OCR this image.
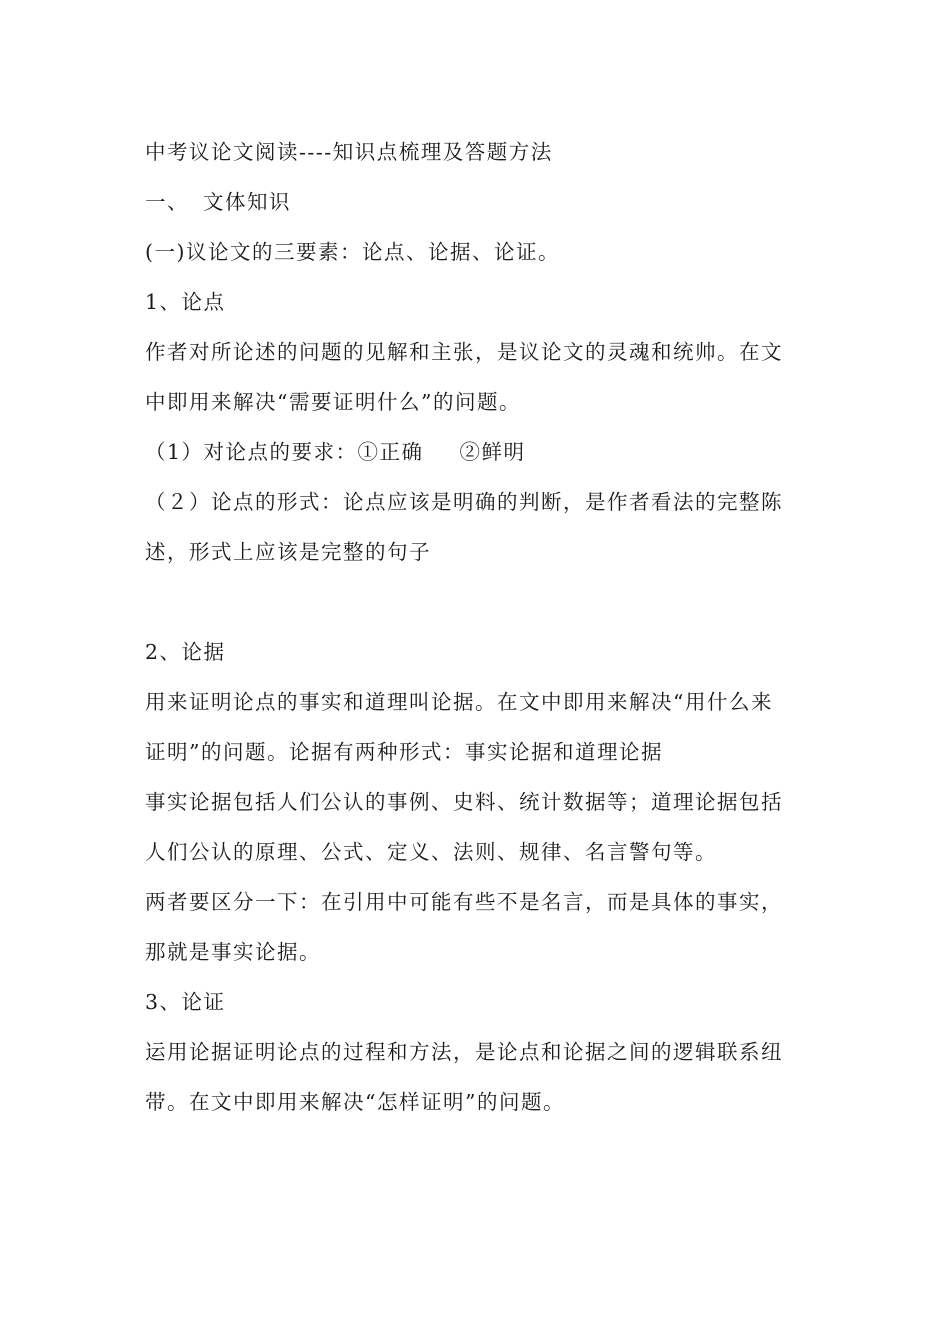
中考议论文阅读----知识点梳理及答题方法
一、 文体知识
(一)议论文的三要素：论点、论据、论证。
1、论点
作者对所论述的问题的见解和主张，是议论文的灵魂和统帅。在文
中即用来解决“需要证明什么”的问题。
（1）对论点的要求：①正确 ②鲜明
（２）论点的形式：论点应该是明确的判断，是作者看法的完整陈
述，形式上应该是完整的句子
2、论据
用来证明论点的事实和道理叫论据。在文中即用来解决“用什么来
证明”的问题。论据有两种形式：事实论据和道理论据
事实论据包括人们公认的事例、史料、统计数据等；道理论据包括
人们公认的原理、公式、定义、法则、规律、名言警句等。
两者要区分一下：在引用中可能有些不是名言，而是具体的事实，
那就是事实论据。
3、论证
运用论据证明论点的过程和方法，是论点和论据之间的逻辑联系纽
带。在文中即用来解决“怎样证明”的问题。
